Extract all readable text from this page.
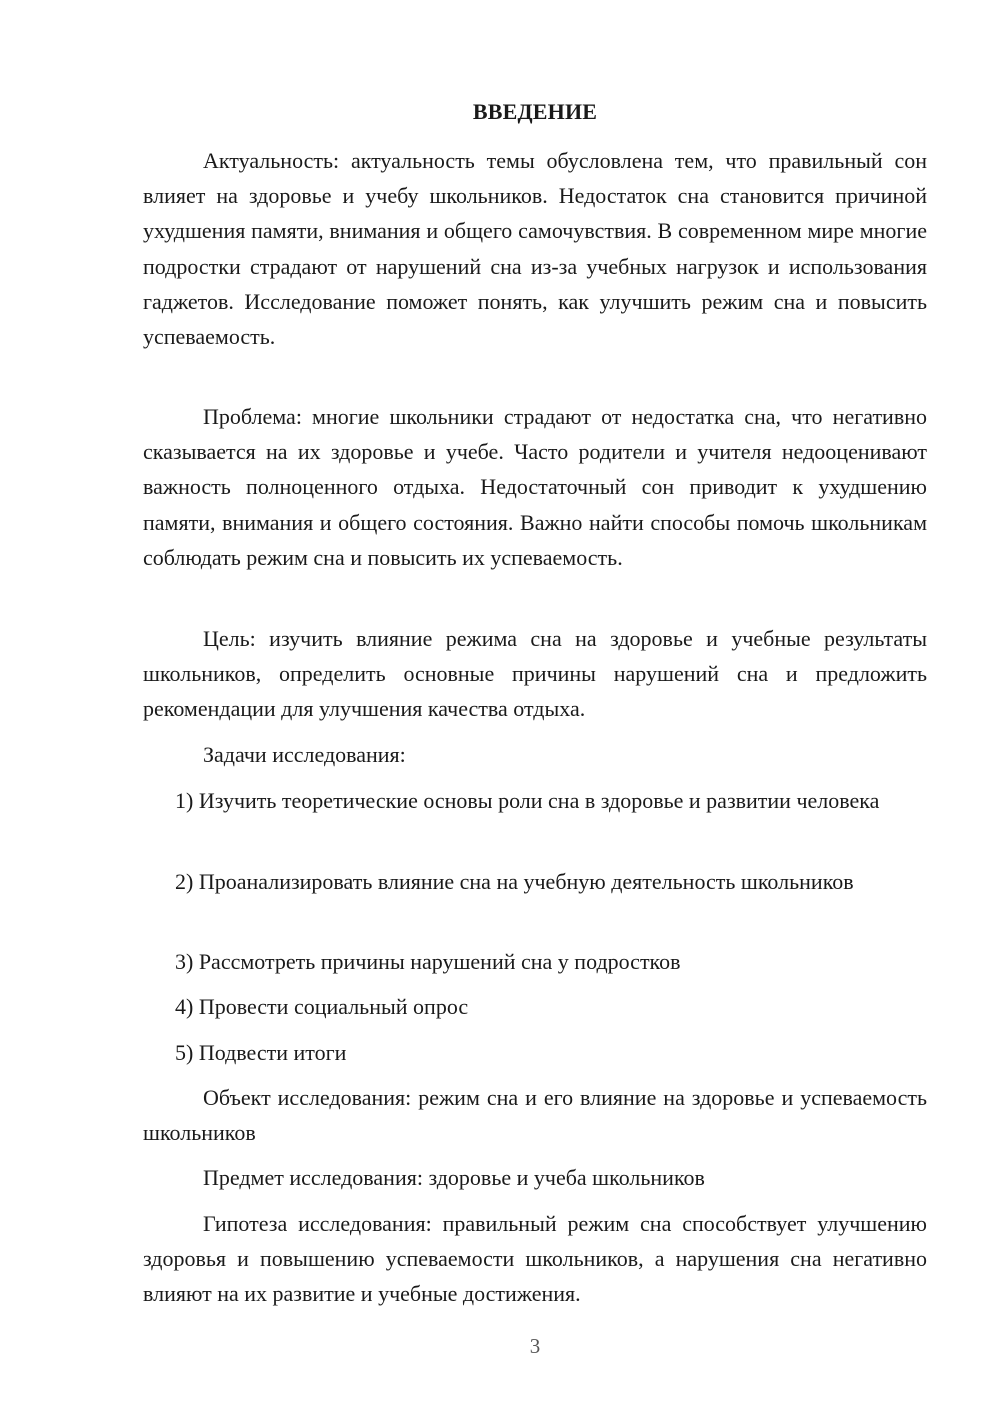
ВВЕДЕНИЕ

Актуальность: актуальность темы обусловлена тем, что правильный сон влияет на здоровье и учебу школьников. Недостаток сна становится причиной ухудшения памяти, внимания и общего самочувствия. В современном мире многие подростки страдают от нарушений сна из-за учебных нагрузок и использования гаджетов. Исследование поможет понять, как улучшить режим сна и повысить успеваемость.

Проблема: многие школьники страдают от недостатка сна, что негативно сказывается на их здоровье и учебе. Часто родители и учителя недооценивают важность полноценного отдыха. Недостаточный сон приводит к ухудшению памяти, внимания и общего состояния. Важно найти способы помочь школьникам соблюдать режим сна и повысить их успеваемость.

Цель: изучить влияние режима сна на здоровье и учебные результаты школьников, определить основные причины нарушений сна и предложить рекомендации для улучшения качества отдыха.

Задачи исследования:

1) Изучить теоретические основы роли сна в здоровье и развитии человека

2) Проанализировать влияние сна на учебную деятельность школьников

3) Рассмотреть причины нарушений сна у подростков

4) Провести социальный опрос

5) Подвести итоги

Объект исследования: режим сна и его влияние на здоровье и успеваемость школьников

Предмет исследования: здоровье и учеба школьников

Гипотеза исследования: правильный режим сна способствует улучшению здоровья и повышению успеваемости школьников, а нарушения сна негативно влияют на их развитие и учебные достижения.

3
